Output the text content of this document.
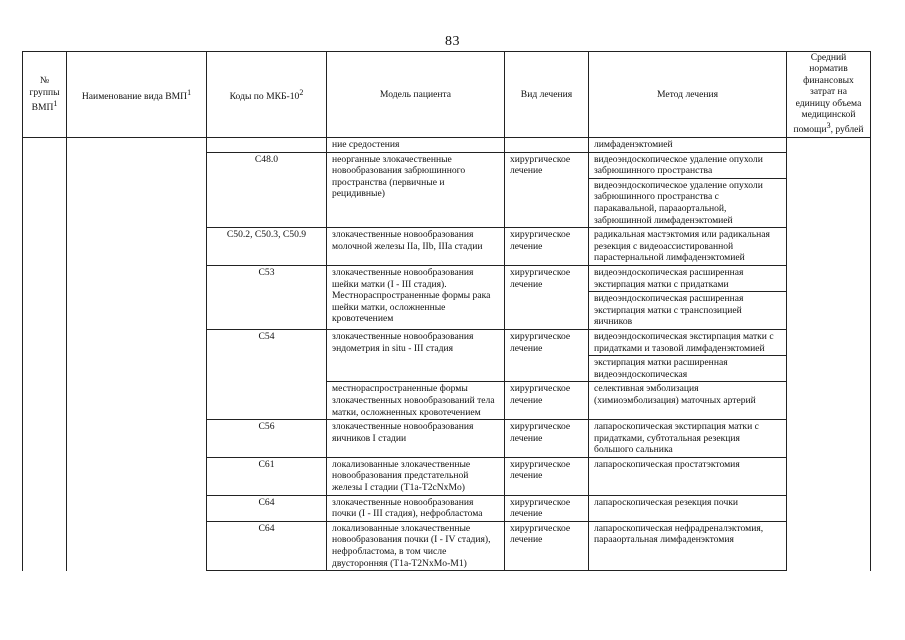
83
№ группы ВМП$^1$	Наименование вида ВМП$^1$	Коды по МКБ-$10^2$	Модель пациента	Вид лечения	Метод лечения	Средний норматив финансовых затрат на единицу объема медицинской помощи$^3$, рублей
			ние средостения		лимфаденэктомией	
		C48.0	неорганные злокачественные новообразования забрюшинного пространства (первичные и рецидивные)	хирургическое лечение	видеоэндоскопическое удаление опухоли забрюшинного пространства	
					видеоэндоскопическое удаление опухоли забрюшинного пространства с паракавальной, парааортальной, забрюшинной лимфаденэктомией	
		C50.2, C50.3, C50.9	злокачественные новообразования молочной железы IIa, IIb, IIIa стадии	хирургическое лечение	радикальная мастэктомия или радикальная резекция с видеоассистированной парастернальной лимфаденэктомией	
		C53	злокачественные новообразования шейки матки (I - III стадия). Местнораспространенные формы рака шейки матки, осложненные кровотечением	хирургическое лечение	видеоэндоскопическая расширенная экстирпация матки с придатками	
					видеоэндоскопическая расширенная экстирпация матки с транспозицией яичников	
		C54	злокачественные новообразования эндометрия in situ - III стадия	хирургическое лечение	видеоэндоскопическая экстирпация матки с придатками и тазовой лимфаденэктомией	
					экстирпация матки расширенная видеоэндоскопическая	
			местнораспространенные формы злокачественных новообразований тела матки, осложненных кровотечением	хирургическое лечение	селективная эмболизация (химиоэмболизация) маточных артерий	
		C56	злокачественные новообразования яичников I стадии	хирургическое лечение	лапароскопическая экстирпация матки с придатками, субтотальная резекция большого сальника	
		C61	локализованные злокачественные новообразования предстательной железы I стадии (T1a-T2cNxMo)	хирургическое лечение	лапароскопическая простатэктомия	
		C64	злокачественные новообразования почки (I - III стадия), нефробластома	хирургическое лечение	лапароскопическая резекция почки	
		C64	локализованные злокачественные новообразования почки (I - IV стадия), нефробластома, в том числе двусторонняя (T1a-T2NxMo-M1)	хирургическое лечение	лапароскопическая нефрадреналэктомия, парааортальная лимфаденэктомия	
